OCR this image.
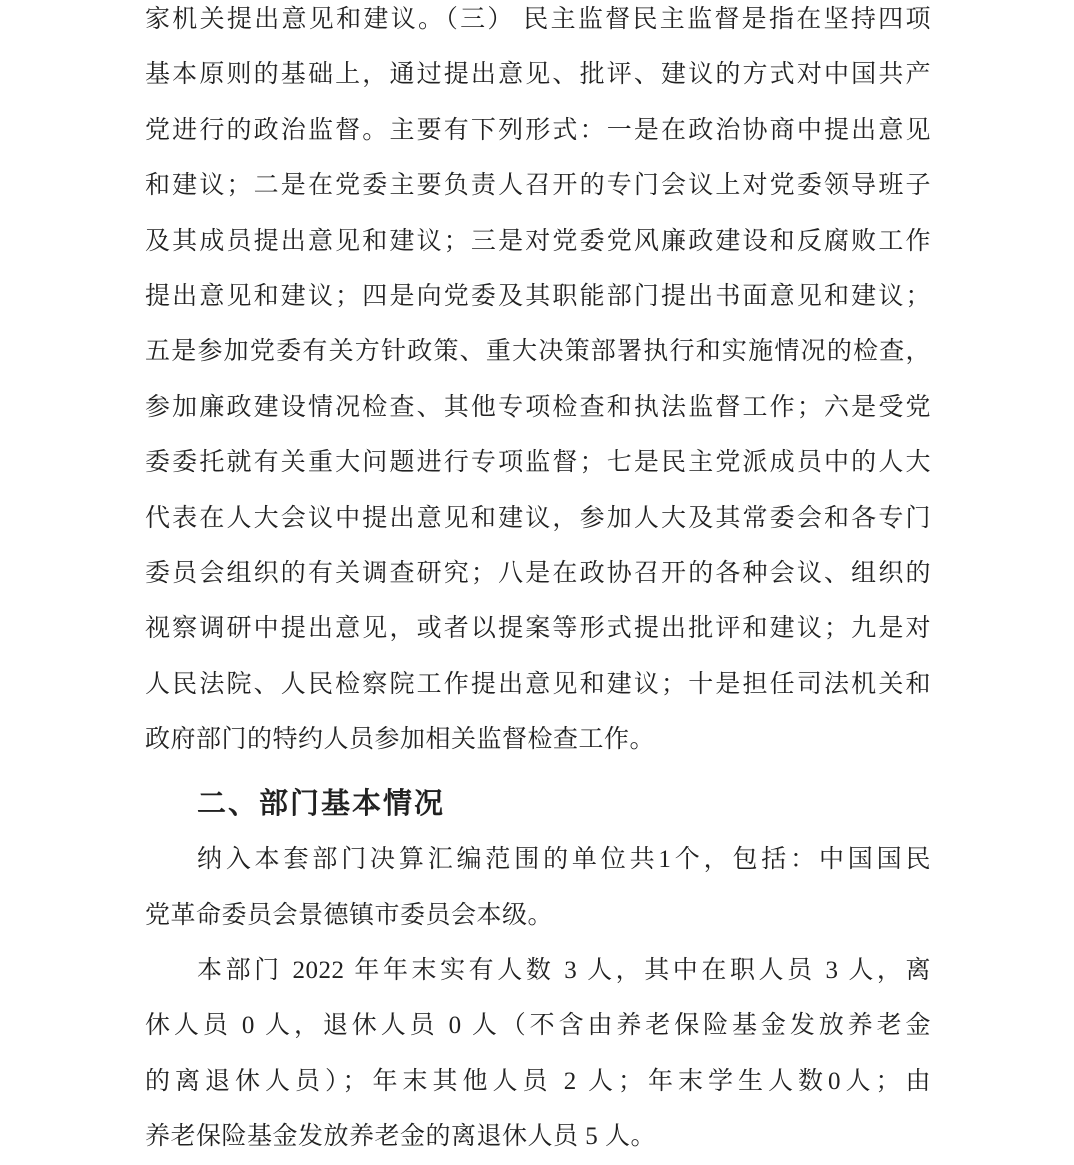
家机关提出意见和建议。（三） 民主监督民主监督是指在坚持四项
基本原则的基础上，通过提出意见、批评、建议的方式对中国共产
党进行的政治监督。主要有下列形式：一是在政治协商中提出意见
和建议；二是在党委主要负责人召开的专门会议上对党委领导班子
及其成员提出意见和建议；三是对党委党风廉政建设和反腐败工作
提出意见和建议；四是向党委及其职能部门提出书面意见和建议；
五是参加党委有关方针政策、重大决策部署执行和实施情况的检查，
参加廉政建设情况检查、其他专项检查和执法监督工作；六是受党
委委托就有关重大问题进行专项监督；七是民主党派成员中的人大
代表在人大会议中提出意见和建议，参加人大及其常委会和各专门
委员会组织的有关调查研究；八是在政协召开的各种会议、组织的
视察调研中提出意见，或者以提案等形式提出批评和建议；九是对
人民法院、人民检察院工作提出意见和建议；十是担任司法机关和
政府部门的特约人员参加相关监督检查工作。
二、部门基本情况
纳入本套部门决算汇编范围的单位共1个，包括：中国国民
党革命委员会景德镇市委员会本级。
本部门 2022 年年末实有人数 3 人，其中在职人员 3 人，离
休人员 0 人，退休人员 0 人（不含由养老保险基金发放养老金
的离退休人员）；年末其他人员 2 人；年末学生人数0人；由
养老保险基金发放养老金的离退休人员 5 人。
